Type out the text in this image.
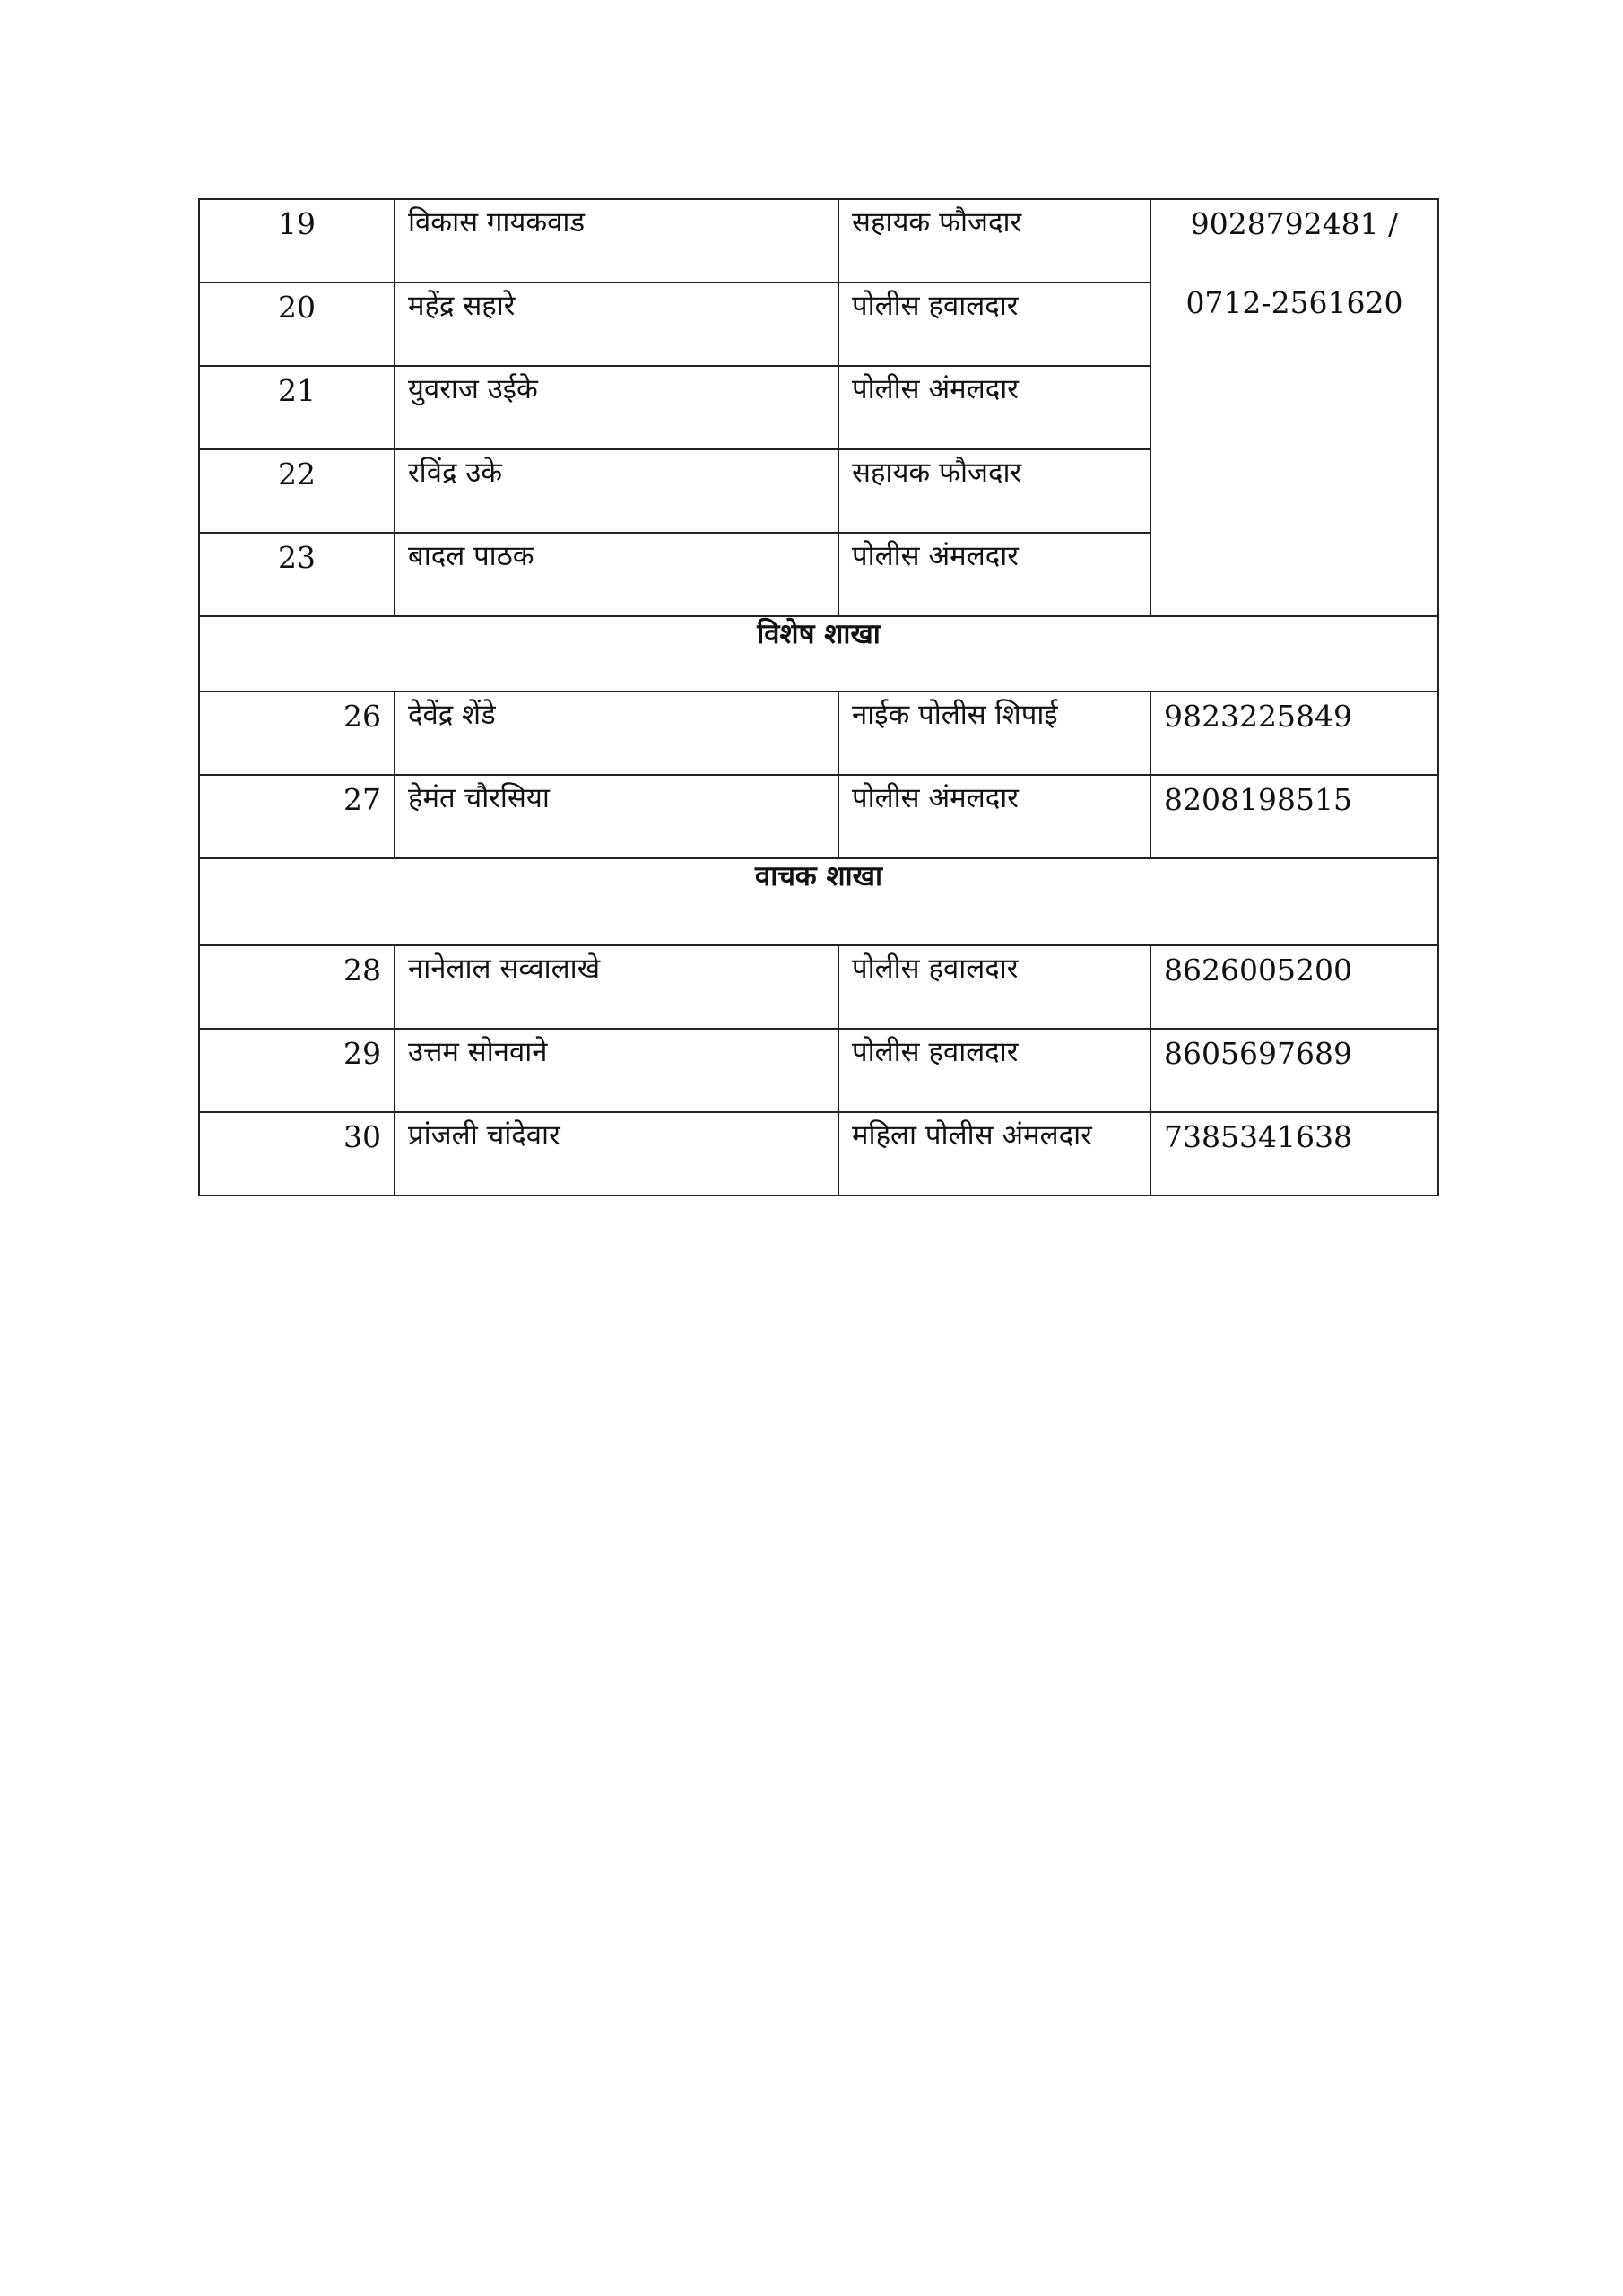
19	विकास गायकवाड	सहायक फौजदार	9028792481 /
0712-2561620

20	महेंद्र सहारे	पोलीस हवालदार	
21	युवराज उईके	पोलीस अंमलदार	
22	रविंद्र उके	सहायक फौजदार	
23	बादल पाठक	पोलीस अंमलदार	
विशेष शाखा			
26	देवेंद्र शेंडे	नाईक पोलीस शिपाई	9823225849
27	हेमंत चौरसिया	पोलीस अंमलदार	8208198515
वाचक शाखा			
28	नानेलाल सव्वालाखे	पोलीस हवालदार	8626005200
29	उत्तम सोनवाने	पोलीस हवालदार	8605697689
30	प्रांजली चांदेवार	महिला पोलीस अंमलदार	7385341638
